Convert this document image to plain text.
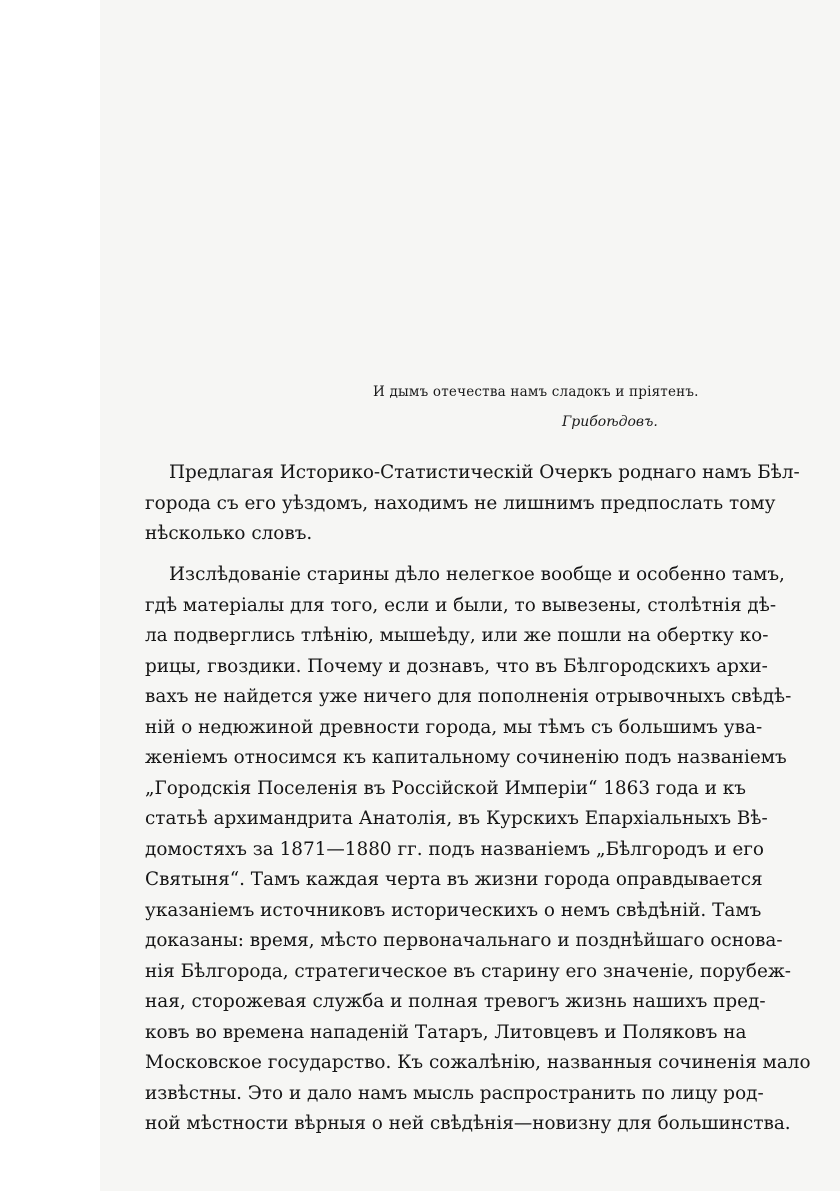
И дымъ отечества намъ сладокъ и пріятенъ.
Грибоѣдовъ.

Предлагая Историко-Статистическій Очеркъ роднаго намъ Бѣл-
города съ его уѣздомъ, находимъ не лишнимъ предпослать тому
нѣсколько словъ.

Изслѣдованіе старины дѣло нелегкое вообще и особенно тамъ,
гдѣ матеріалы для того, если и были, то вывезены, столѣтнія дѣ-
ла подверглись тлѣнію, мышеѣду, или же пошли на обертку ко-
рицы, гвоздики. Почему и дознавъ, что въ Бѣлгородскихъ архи-
вахъ не найдется уже ничего для пополненія отрывочныхъ свѣдѣ-
ній о недюжиной древности города, мы тѣмъ съ большимъ ува-
женіемъ относимся къ капитальному сочиненію подъ названіемъ
„Городскія Поселенія въ Россійской Имперіи“ 1863 года и къ
статьѣ архимандрита Анатолія, въ Курскихъ Епархіальныхъ Вѣ-
домостяхъ за 1871—1880 гг. подъ названіемъ „Бѣлгородъ и его
Святыня“. Тамъ каждая черта въ жизни города оправдывается
указаніемъ источниковъ историческихъ о немъ свѣдѣній. Тамъ
доказаны: время, мѣсто первоначальнаго и позднѣйшаго основа-
нія Бѣлгорода, стратегическое въ старину его значеніе, порубеж-
ная, сторожевая служба и полная тревогъ жизнь нашихъ пред-
ковъ во времена нападеній Татаръ, Литовцевъ и Поляковъ на
Московское государство. Къ сожалѣнію, названныя сочиненія мало
извѣстны. Это и дало намъ мысль распространить по лицу род-
ной мѣстности вѣрныя о ней свѣдѣнія—новизну для большинства.
